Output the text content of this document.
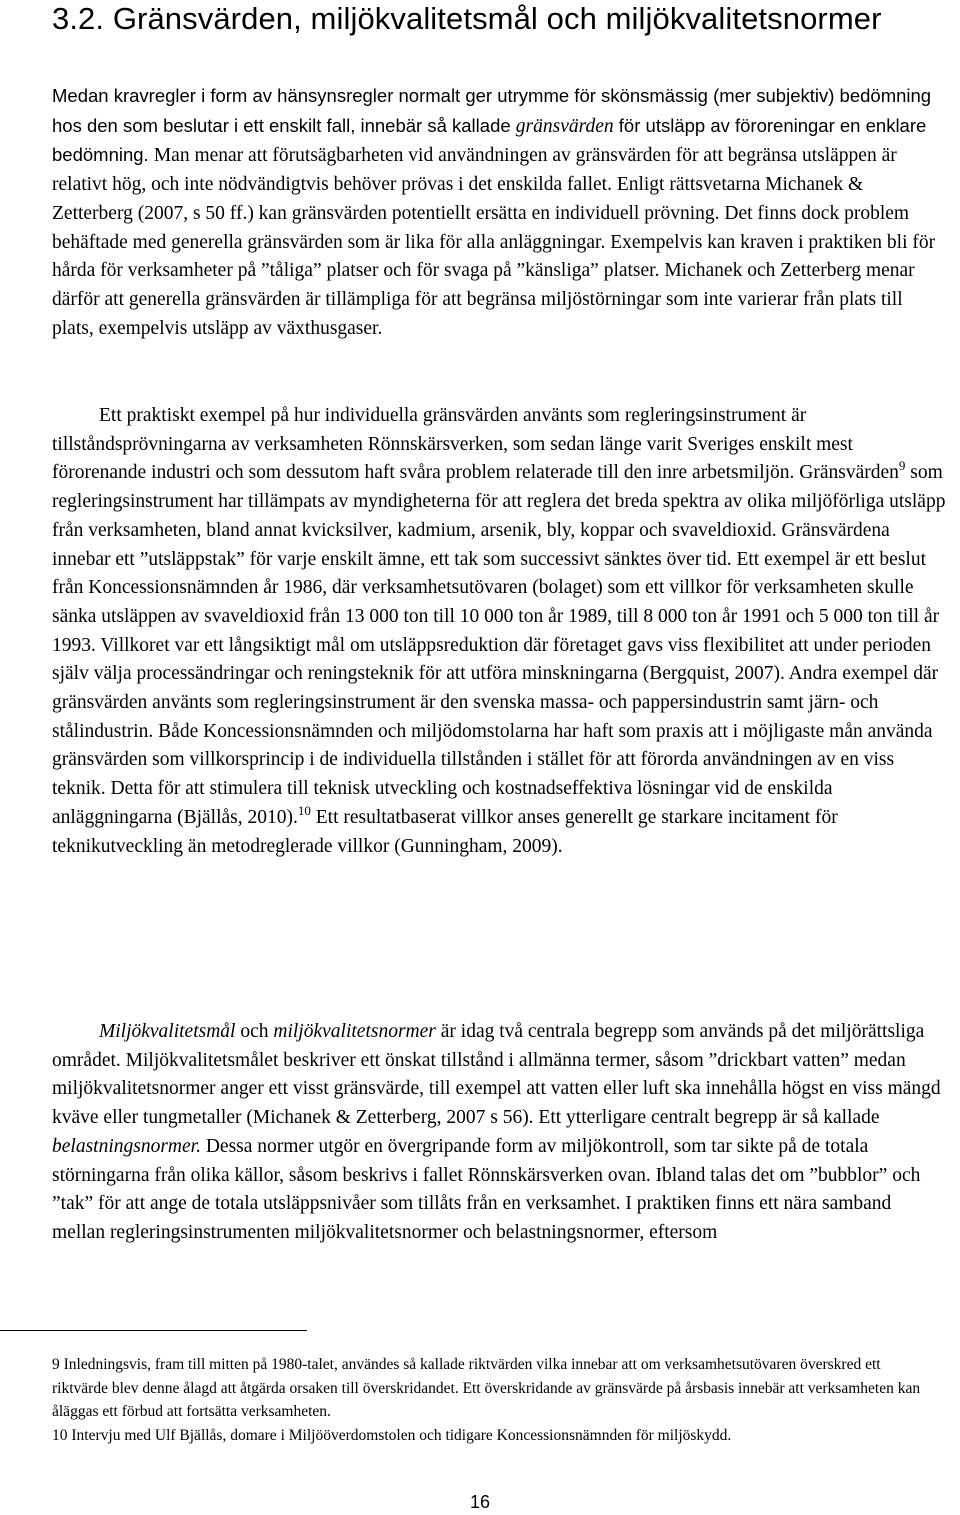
3.2. Gränsvärden, miljökvalitetsmål och miljökvalitetsnormer

Medan kravregler i form av hänsynsregler normalt ger utrymme för skönsmässig (mer subjektiv) bedömning hos den som beslutar i ett enskilt fall, innebär så kallade gränsvärden för utsläpp av föroreningar en enklare bedömning. Man menar att förutsägbarheten vid användningen av gränsvärden för att begränsa utsläppen är relativt hög, och inte nödvändigtvis behöver prövas i det enskilda fallet. Enligt rättsvetarna Michanek & Zetterberg (2007, s 50 ff.) kan gränsvärden potentiellt ersätta en individuell prövning. Det finns dock problem behäftade med generella gränsvärden som är lika för alla anläggningar. Exempelvis kan kraven i praktiken bli för hårda för verksamheter på ”tåliga” platser och för svaga på ”känsliga” platser. Michanek och Zetterberg menar därför att generella gränsvärden är tillämpliga för att begränsa miljöstörningar som inte varierar från plats till plats, exempelvis utsläpp av växthusgaser.

Ett praktiskt exempel på hur individuella gränsvärden använts som regleringsinstrument är tillståndsprövningarna av verksamheten Rönnskärsverken, som sedan länge varit Sveriges enskilt mest förorenande industri och som dessutom haft svåra problem relaterade till den inre arbetsmiljön. Gränsvärden$^9$ som regleringsinstrument har tillämpats av myndigheterna för att reglera det breda spektra av olika miljöförliga utsläpp från verksamheten, bland annat kvicksilver, kadmium, arsenik, bly, koppar och svaveldioxid. Gränsvärdena innebar ett ”utsläppstak” för varje enskilt ämne, ett tak som successivt sänktes över tid. Ett exempel är ett beslut från Koncessionsnämnden år 1986, där verksamhetsutövaren (bolaget) som ett villkor för verksamheten skulle sänka utsläppen av svaveldioxid från 13 000 ton till 10 000 ton år 1989, till 8 000 ton år 1991 och 5 000 ton till år 1993. Villkoret var ett långsiktigt mål om utsläppsreduktion där företaget gavs viss flexibilitet att under perioden själv välja processändringar och reningsteknik för att utföra minskningarna (Bergquist, 2007). Andra exempel där gränsvärden använts som regleringsinstrument är den svenska massa- och pappersindustrin samt järn- och stålindustrin. Både Koncessionsnämnden och miljödomstolarna har haft som praxis att i möjligaste mån använda gränsvärden som villkorsprincip i de individuella tillstånden i stället för att förorda användningen av en viss teknik. Detta för att stimulera till teknisk utveckling och kostnadseffektiva lösningar vid de enskilda anläggningarna (Bjällås, 2010).$^{10}$ Ett resultatbaserat villkor anses generellt ge starkare incitament för teknikutveckling än metodreglerade villkor (Gunningham, 2009).

Miljökvalitetsmål och miljökvalitetsnormer är idag två centrala begrepp som används på det miljörättsliga området. Miljökvalitetsmålet beskriver ett önskat tillstånd i allmänna termer, såsom ”drickbart vatten” medan miljökvalitetsnormer anger ett visst gränsvärde, till exempel att vatten eller luft ska innehålla högst en viss mängd kväve eller tungmetaller (Michanek & Zetterberg, 2007 s 56). Ett ytterligare centralt begrepp är så kallade belastningsnormer. Dessa normer utgör en övergripande form av miljökontroll, som tar sikte på de totala störningarna från olika källor, såsom beskrivs i fallet Rönnskärsverken ovan. Ibland talas det om ”bubblor” och ”tak” för att ange de totala utsläppsnivåer som tillåts från en verksamhet. I praktiken finns ett nära samband mellan regleringsinstrumenten miljökvalitetsnormer och belastningsnormer, eftersom

9 Inledningsvis, fram till mitten på 1980-talet, användes så kallade riktvärden vilka innebar att om verksamhetsutövaren överskred ett riktvärde blev denne ålagd att åtgärda orsaken till överskridandet. Ett överskridande av gränsvärde på årsbasis innebär att verksamheten kan åläggas ett förbud att fortsätta verksamheten.

10 Intervju med Ulf Bjällås, domare i Miljööverdomstolen och tidigare Koncessionsnämnden för miljöskydd.

16
